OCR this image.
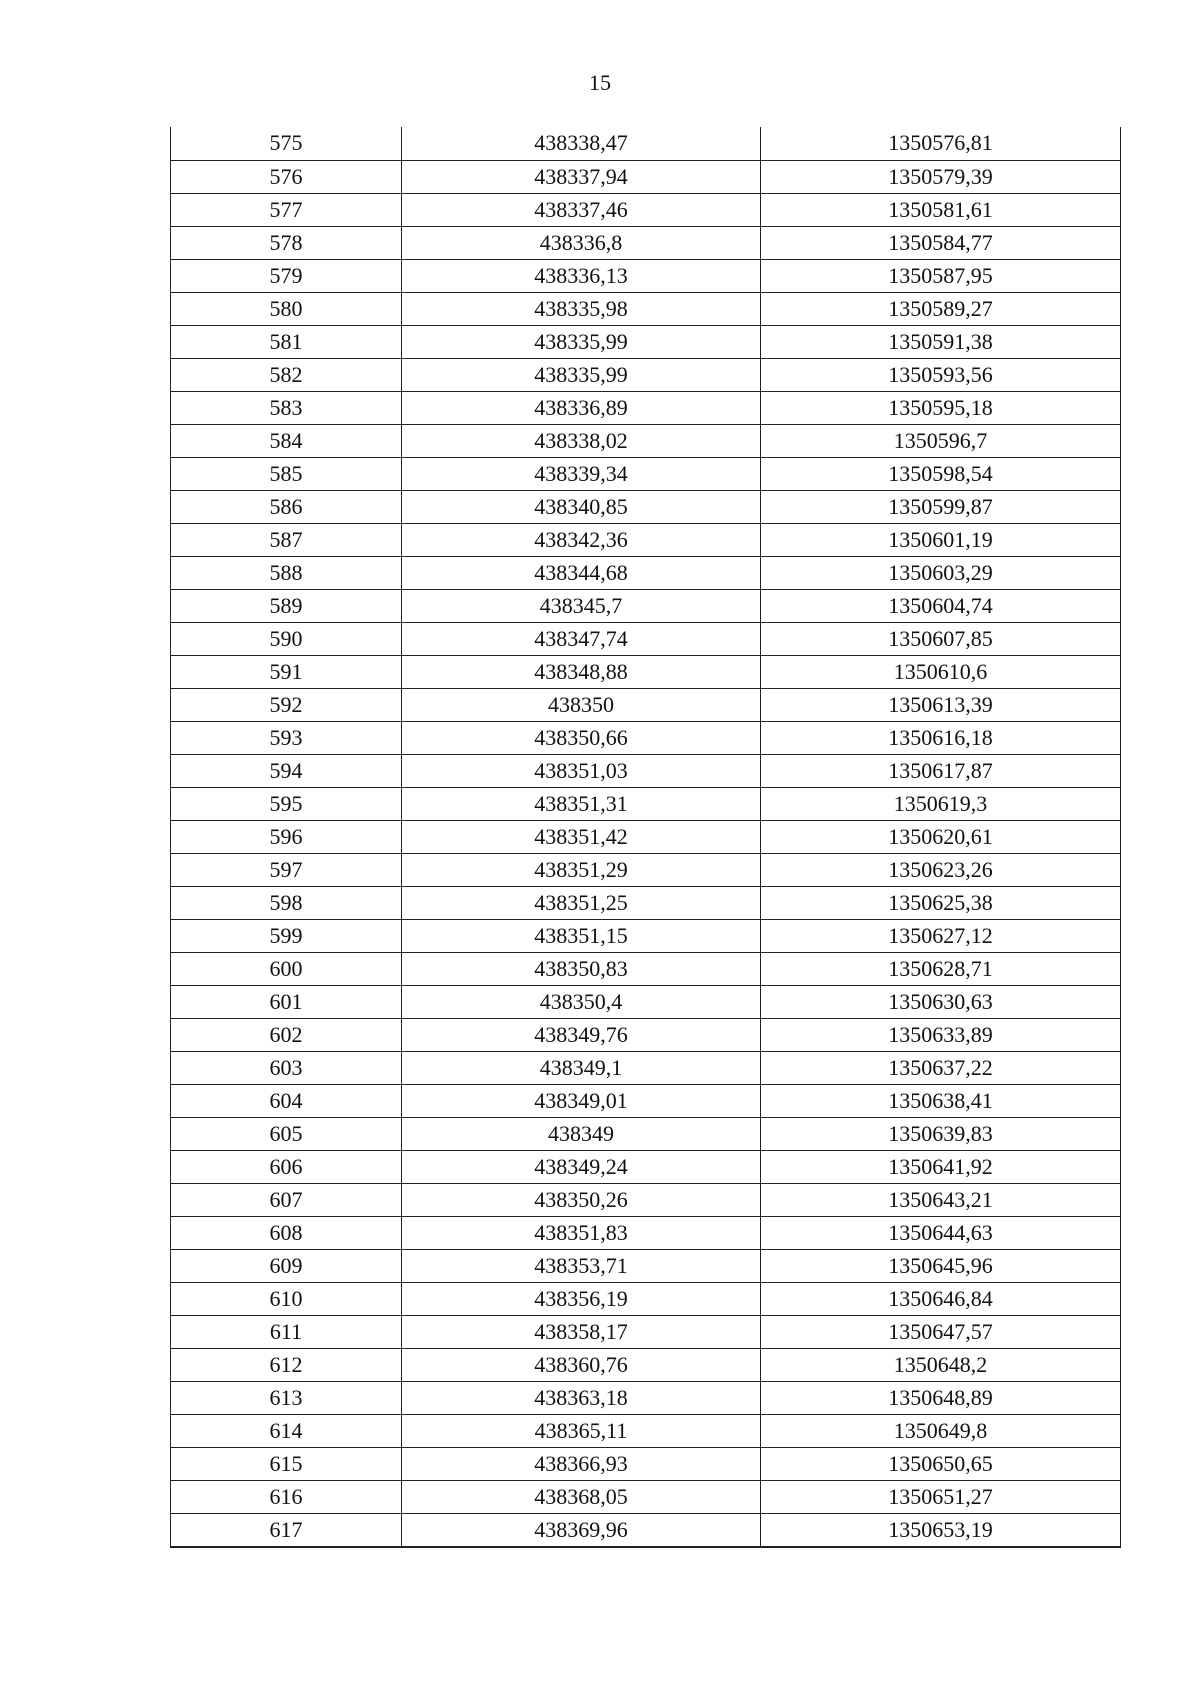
15
575	438338,47	1350576,81
576	438337,94	1350579,39
577	438337,46	1350581,61
578	438336,8	1350584,77
579	438336,13	1350587,95
580	438335,98	1350589,27
581	438335,99	1350591,38
582	438335,99	1350593,56
583	438336,89	1350595,18
584	438338,02	1350596,7
585	438339,34	1350598,54
586	438340,85	1350599,87
587	438342,36	1350601,19
588	438344,68	1350603,29
589	438345,7	1350604,74
590	438347,74	1350607,85
591	438348,88	1350610,6
592	438350	1350613,39
593	438350,66	1350616,18
594	438351,03	1350617,87
595	438351,31	1350619,3
596	438351,42	1350620,61
597	438351,29	1350623,26
598	438351,25	1350625,38
599	438351,15	1350627,12
600	438350,83	1350628,71
601	438350,4	1350630,63
602	438349,76	1350633,89
603	438349,1	1350637,22
604	438349,01	1350638,41
605	438349	1350639,83
606	438349,24	1350641,92
607	438350,26	1350643,21
608	438351,83	1350644,63
609	438353,71	1350645,96
610	438356,19	1350646,84
611	438358,17	1350647,57
612	438360,76	1350648,2
613	438363,18	1350648,89
614	438365,11	1350649,8
615	438366,93	1350650,65
616	438368,05	1350651,27
617	438369,96	1350653,19
